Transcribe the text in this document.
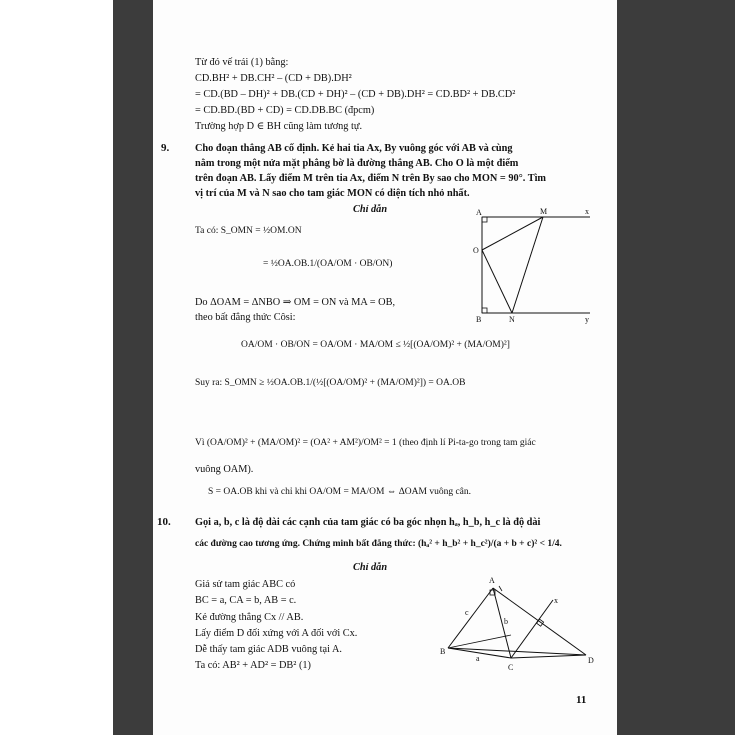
Từ đó vế trái (1) bằng:
CD.BH² + DB.CH² – (CD + DB).DH²
= CD.(BD – DH)² + DB.(CD + DH)² – (CD + DB).DH² = CD.BD² + DB.CD²
= CD.BD.(BD + CD) = CD.DB.BC (đpcm)
Trường hợp D ∈ BH cũng làm tương tự.
9.	Cho đoạn thẳng AB cố định. Kẻ hai tia Ax, By vuông góc với AB và cùng
nằm trong một nửa mặt phẳng bờ là đường thẳng AB. Cho O là một điểm
trên đoạn AB. Lấy điểm M trên tia Ax, điểm N trên By sao cho MON = 90°. Tìm
vị trí của M và N sao cho tam giác MON có diện tích nhỏ nhất.
Chỉ dẫn
Ta có: S_OMN = ½OM.ON
= ½OA.OB.1/(OA/OM · OB/ON)
Do ΔOAM = ΔNBO ⇒ OM = ON và MA = OB,
theo bất đẳng thức Côsi:
OA/OM · OB/ON = OA/OM · MA/OM ≤ ½[(OA/OM)² + (MA/OM)²]
Suy ra: S_OMN ≥ ½OA.OB.1/(½[(OA/OM)² + (MA/OM)²]) = OA.OB
Vì (OA/OM)² + (MA/OM)² = (OA² + AM²)/OM² = 1 (theo định lí Pi-ta-go trong tam giác
vuông OAM).
S = OA.OB khi và chỉ khi OA/OM = MA/OM ⇔ ΔOAM vuông cân.
A	M	x
O
B	N	y
10. Gọi a, b, c là độ dài các cạnh của tam giác có ba góc nhọn hₐ, h_b, h_c là độ dài
các đường cao tương ứng. Chứng minh bất đẳng thức: (hₐ² + h_b² + h_c²)/(a + b + c)² < 1/4.
Chỉ dẫn
Giả sử tam giác ABC có
BC = a, CA = b, AB = c.
Kẻ đường thẳng Cx // AB.
Lấy điểm D đối xứng với A đối với Cx.
Dễ thấy tam giác ADB vuông tại A.
Ta có: AB² + AD² = DB² (1)
A
x
c
b
B
a
C
D
11
